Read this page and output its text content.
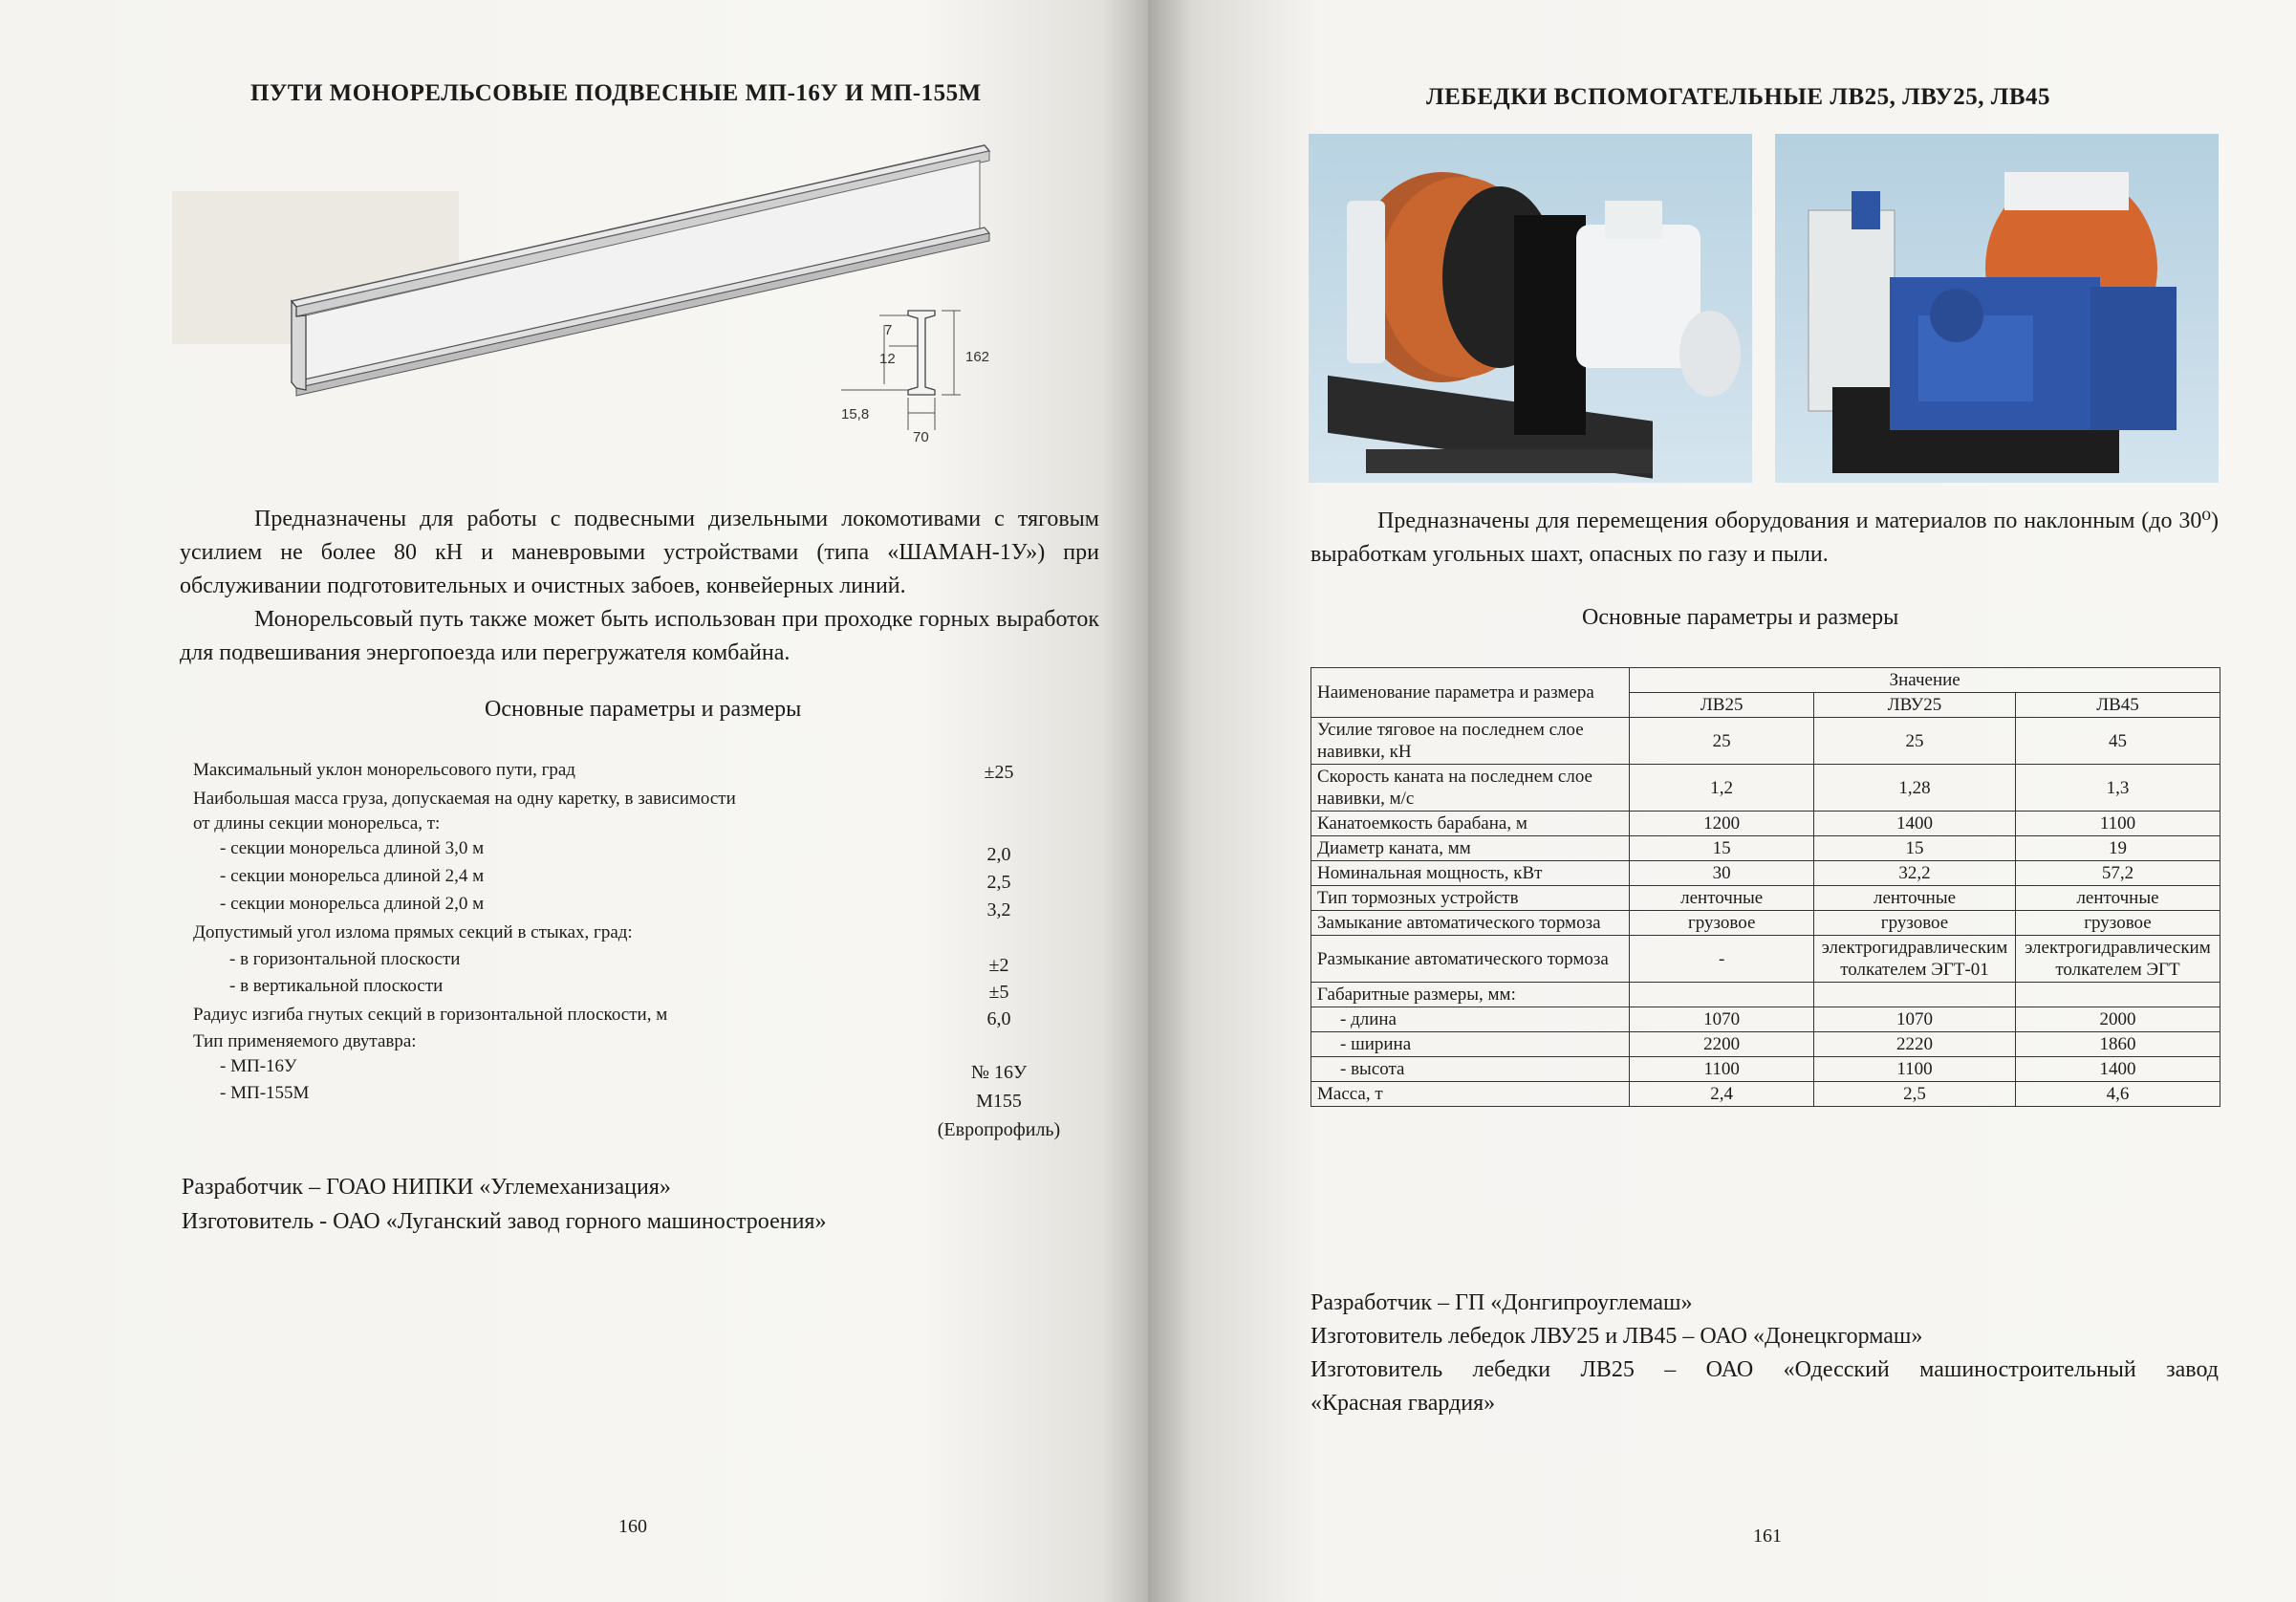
ПУТИ МОНОРЕЛЬСОВЫЕ ПОДВЕСНЫЕ МП-16У И МП-155М
7
12	162
15,8
70
Предназначены для работы с подвесными дизельными локомотивами с тяговым усилием не более 80 кН и маневровыми устройствами (типа «ШАМАН-1У») при обслуживании подготовительных и очистных забоев, конвейерных линий.
Монорельсовый путь также может быть использован при проходке горных выработок для подвешивания энергопоезда или перегружателя комбайна.
Основные параметры и размеры
Максимальный уклон монорельсового пути, град	±25
Наибольшая масса груза, допускаемая на одну каретку, в зависимости
от длины секции монорельса, т:
- секции монорельса длиной 3,0 м	2,0
- секции монорельса длиной 2,4 м	2,5
- секции монорельса длиной 2,0 м	3,2
Допустимый угол излома прямых секций в стыках, град:
- в горизонтальной плоскости	±2
- в вертикальной плоскости	±5
Радиус изгиба гнутых секций в горизонтальной плоскости, м	6,0
Тип применяемого двутавра:
- МП-16У	№ 16У
- МП-155М	М155
(Европрофиль)
Разработчик – ГОАО НИПКИ «Углемеханизация»
Изготовитель - ОАО «Луганский завод горного машиностроения»
160
ЛЕБЕДКИ ВСПОМОГАТЕЛЬНЫЕ ЛВ25, ЛВУ25, ЛВ45
Предназначены для перемещения оборудования и материалов по наклонным (до 30⁰) выработкам угольных шахт, опасных по газу и пыли.
Основные параметры и размеры
Наименование параметра и размера	Значение		
	ЛВ25	ЛВУ25	ЛВ45
Усилие тяговое на последнем слое навивки, кН	25	25	45
Скорость каната на последнем слое навивки, м/с	1,2	1,28	1,3
Канатоемкость барабана, м	1200	1400	1100
Диаметр каната, мм	15	15	19
Номинальная мощность, кВт	30	32,2	57,2
Тип тормозных устройств	ленточные	ленточные	ленточные
Замыкание автоматического тормоза	грузовое	грузовое	грузовое
Размыкание автоматического тормоза	-	электрогидравлическим толкателем ЭГТ-01	электрогидравлическим толкателем ЭГТ
Габаритные размеры, мм:			
- длина	1070	1070	2000
- ширина	2200	2220	1860
- высота	1100	1100	1400
Масса, т	2,4	2,5	4,6
Разработчик – ГП «Донгипроуглемаш»
Изготовитель лебедок ЛВУ25 и ЛВ45 – ОАО «Донецкгормаш»
Изготовитель лебедки ЛВ25 – ОАО «Одесский машиностроительный завод
«Красная гвардия»
161
